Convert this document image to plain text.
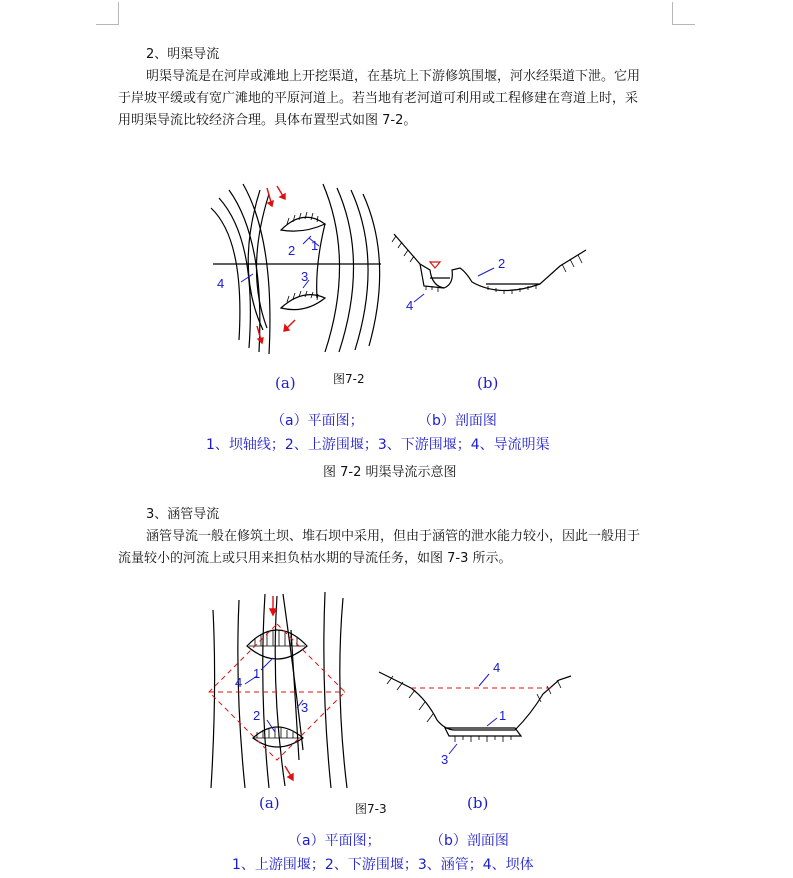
2、明渠导流
明渠导流是在河岸或滩地上开挖渠道，在基坑上下游修筑围堰，河水经渠道下泄。它用
于岸坡平缓或有宽广滩地的平原河道上。若当地有老河道可利用或工程修建在弯道上时，采
用明渠导流比较经济合理。具体布置型式如图 7-2。
2 1
3
4
2
4
(a)	图7-2	(b)
（a）平面图；	（b）剖面图
1、坝轴线；2、上游围堰；3、下游围堰；4、导流明渠
图 7-2 明渠导流示意图
3、涵管导流
涵管导流一般在修筑土坝、堆石坝中采用，但由于涵管的泄水能力较小，因此一般用于
流量较小的河流上或只用来担负枯水期的导流任务，如图 7-3 所示。
1
2
3
4
4
1
3
(a)	图7-3	(b)
（a）平面图；	（b）剖面图
1、上游围堰；2、下游围堰；3、涵管；4、坝体
